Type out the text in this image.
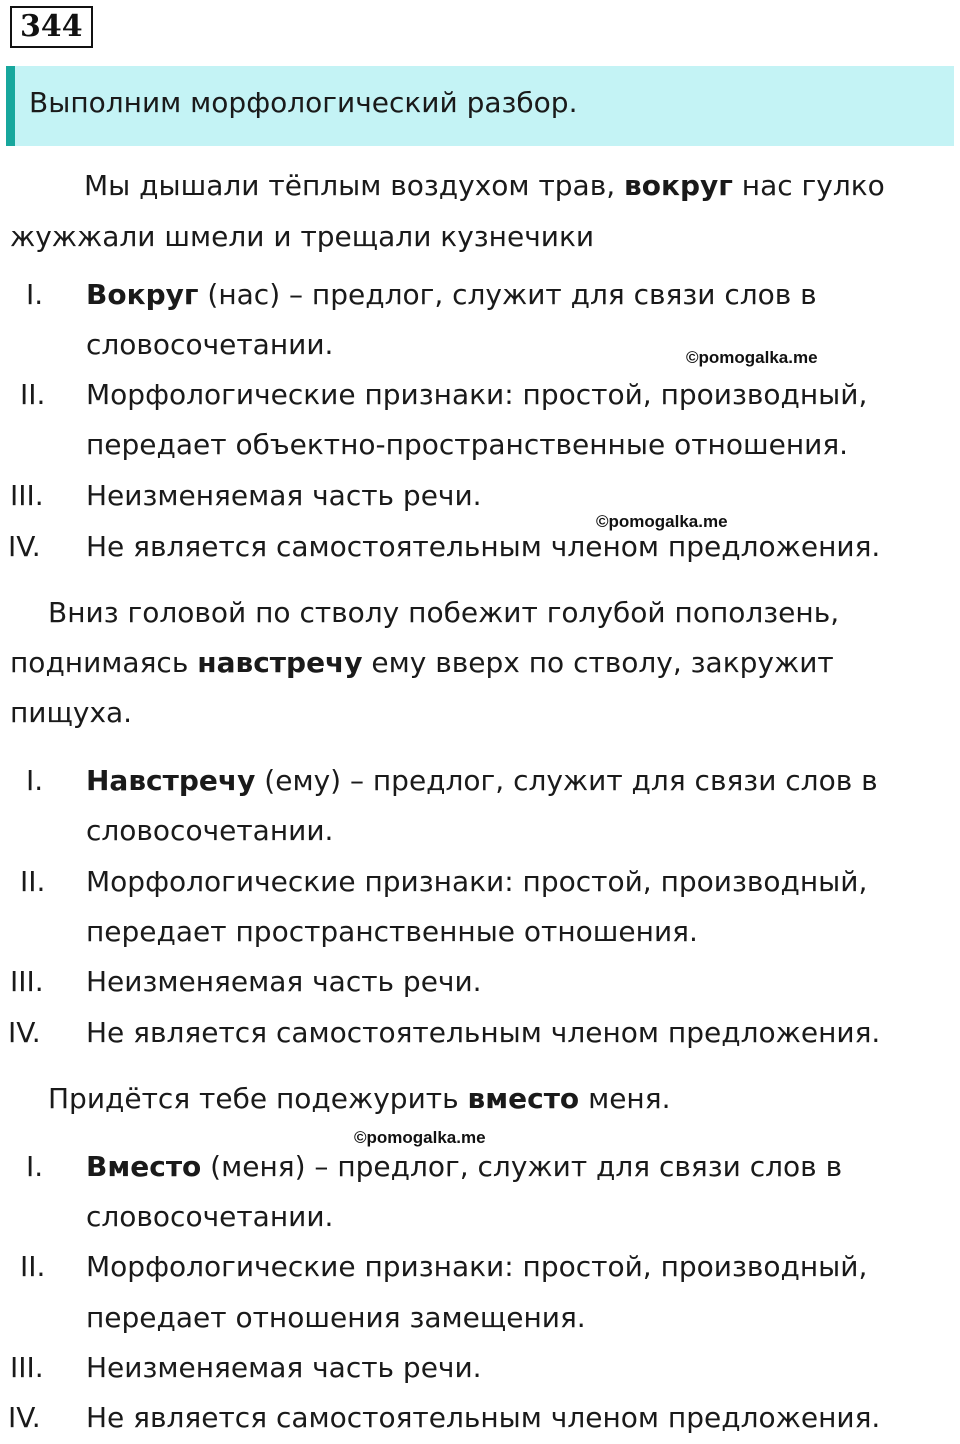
344
Выполним морфологический разбор.
Мы дышали тёплым воздухом трав, вокруг нас гулко
жужжали шмели и трещали кузнечики
I. Вокруг (нас) – предлог, служит для связи слов в
словосочетании.	©pomogalka.me
II. Морфологические признаки: простой, производный,
передает объектно-пространственные отношения.
III. Неизменяемая часть речи.
©pomogalka.me
IV. Не является самостоятельным членом предложения.
Вниз головой по стволу побежит голубой поползень,
поднимаясь навстречу ему вверх по стволу, закружит
пищуха.
I. Навстречу (ему) – предлог, служит для связи слов в
словосочетании.
II. Морфологические признаки: простой, производный,
передает пространственные отношения.
III. Неизменяемая часть речи.
IV. Не является самостоятельным членом предложения.
Придётся тебе подежурить вместо меня.
©pomogalka.me
I. Вместо (меня) – предлог, служит для связи слов в
словосочетании.
II. Морфологические признаки: простой, производный,
передает отношения замещения.
III. Неизменяемая часть речи.
IV. Не является самостоятельным членом предложения.
